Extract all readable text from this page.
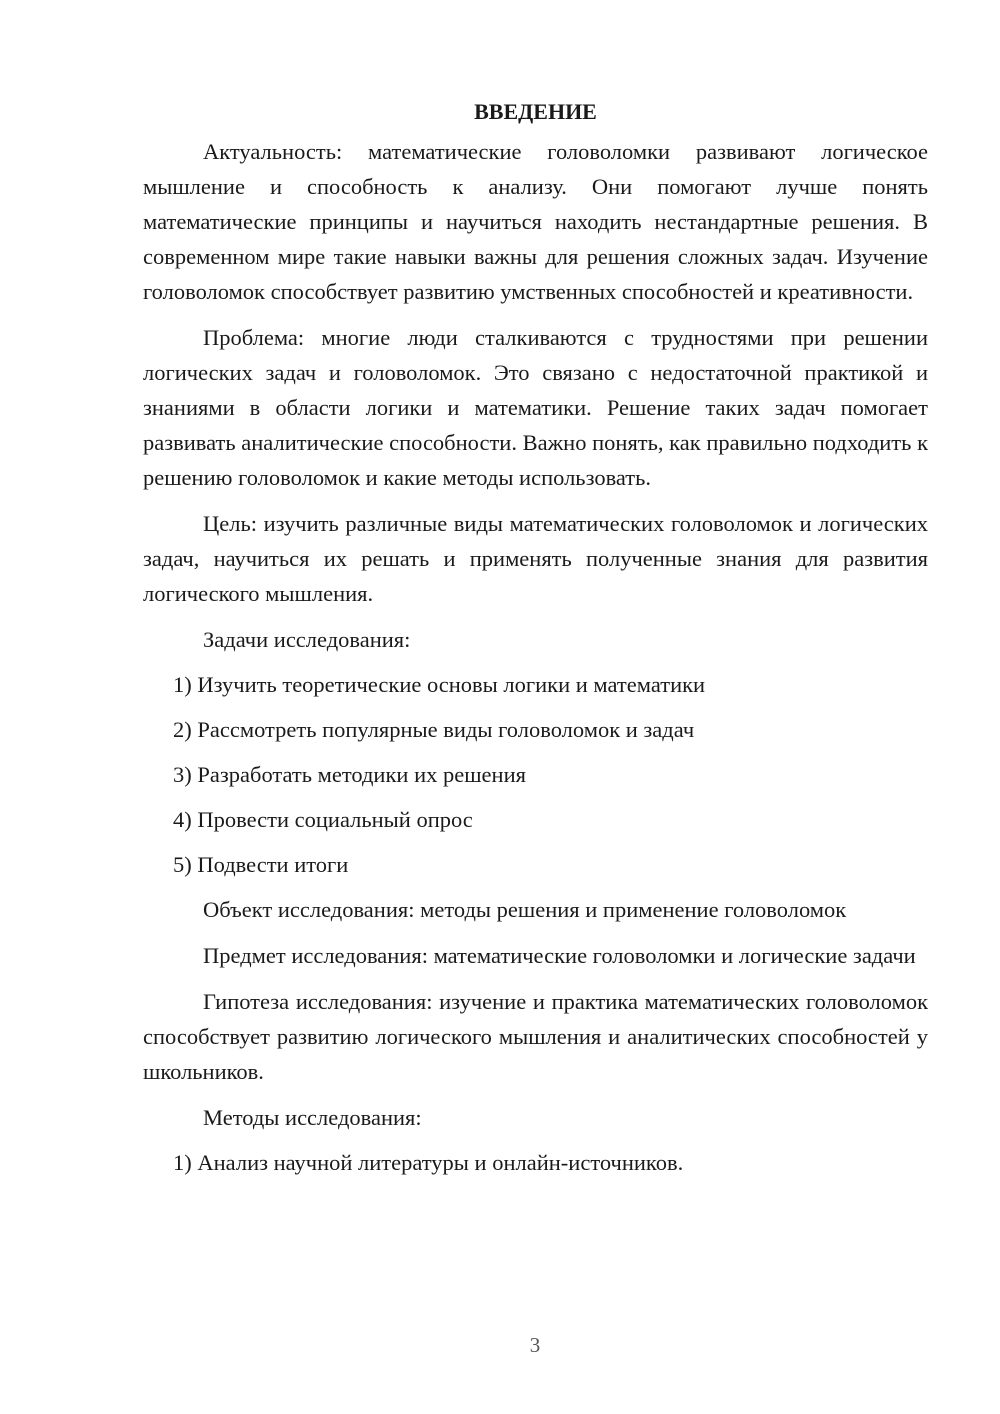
ВВЕДЕНИЕ

Актуальность: математические головоломки развивают логическое мышление и способность к анализу. Они помогают лучше понять математические принципы и научиться находить нестандартные решения. В современном мире такие навыки важны для решения сложных задач. Изучение головоломок способствует развитию умственных способностей и креативности.

Проблема: многие люди сталкиваются с трудностями при решении логических задач и головоломок. Это связано с недостаточной практикой и знаниями в области логики и математики. Решение таких задач помогает развивать аналитические способности. Важно понять, как правильно подходить к решению головоломок и какие методы использовать.

Цель: изучить различные виды математических головоломок и логических задач, научиться их решать и применять полученные знания для развития логического мышления.

Задачи исследования:
1) Изучить теоретические основы логики и математики
2) Рассмотреть популярные виды головоломок и задач
3) Разработать методики их решения
4) Провести социальный опрос
5) Подвести итоги

Объект исследования: методы решения и применение головоломок

Предмет исследования: математические головоломки и логические задачи

Гипотеза исследования: изучение и практика математических головоломок способствует развитию логического мышления и аналитических способностей у школьников.

Методы исследования:
1) Анализ научной литературы и онлайн-источников.
3
